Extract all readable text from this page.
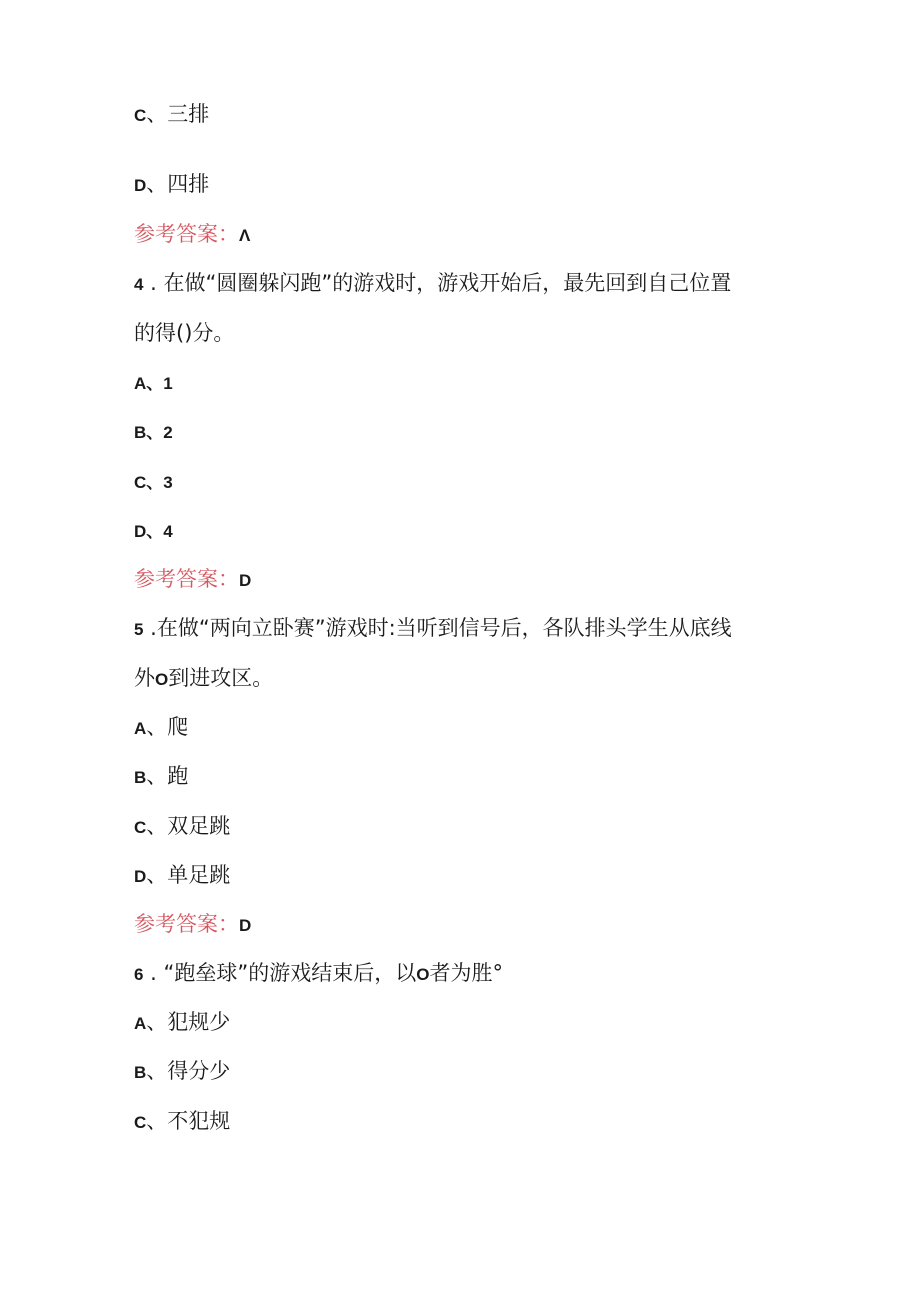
C、三排
D、四排
参考答案：Λ
4 . 在做“圆圈躲闪跑”的游戏时，游戏开始后，最先回到自己位置
的得()分。
A、1
B、2
C、3
D、4
参考答案：D
5 .在做“两向立卧赛”游戏时:当听到信号后，各队排头学生从底线
外O到进攻区。
A、爬
B、跑
C、双足跳
D、单足跳
参考答案：D
6 . “跑垒球”的游戏结束后，以O者为胜°
A、犯规少
B、得分少
C、不犯规
